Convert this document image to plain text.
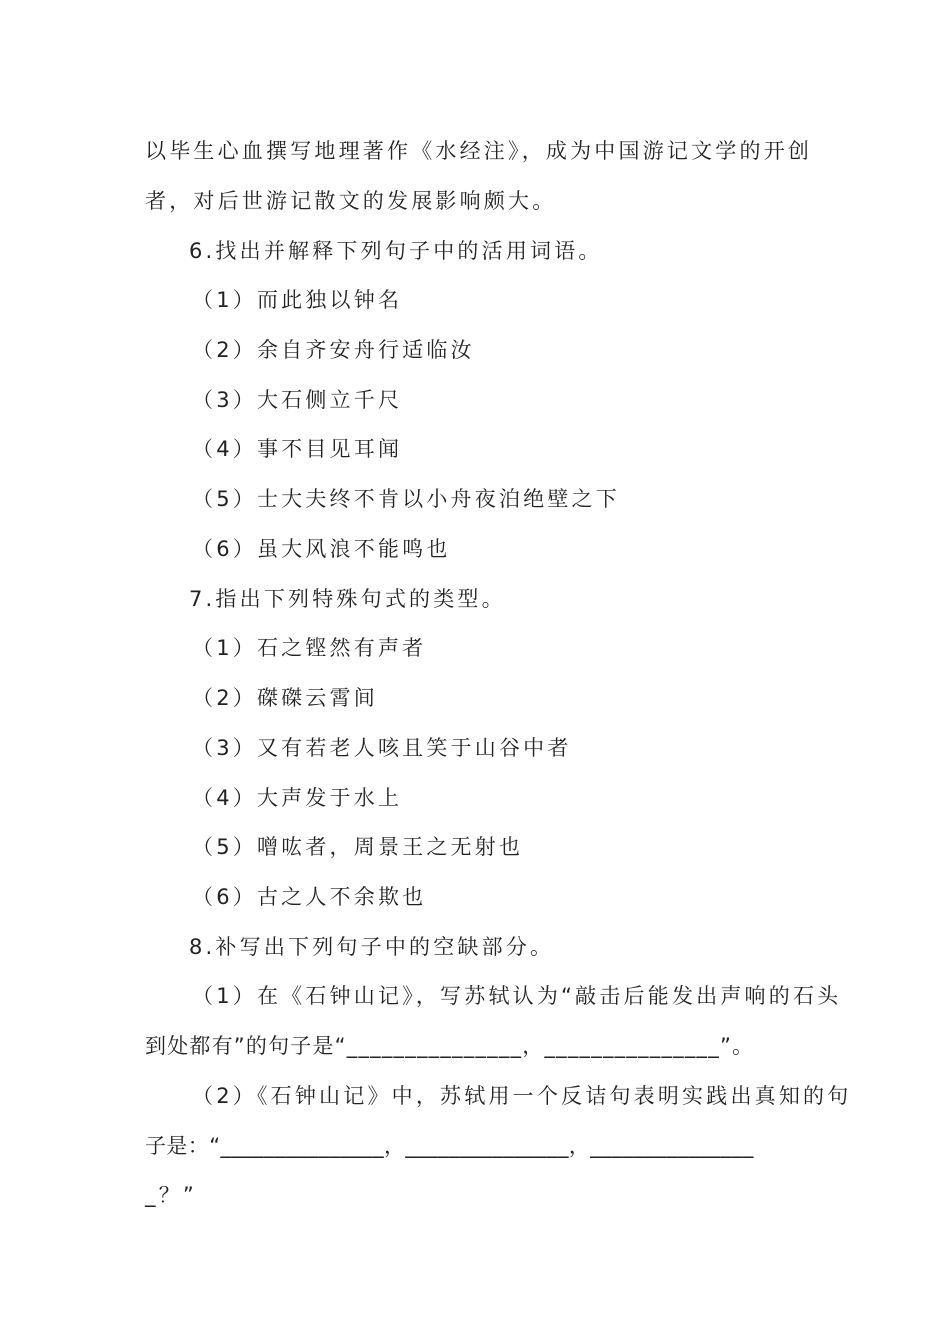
以毕生心血撰写地理著作《水经注》，成为中国游记文学的开创
者，对后世游记散文的发展影响颇大。
6.找出并解释下列句子中的活用词语。
（1）而此独以钟名
（2）余自齐安舟行适临汝
（3）大石侧立千尺
（4）事不目见耳闻
（5）士大夫终不肯以小舟夜泊绝壁之下
（6）虽大风浪不能鸣也
7.指出下列特殊句式的类型。
（1）石之铿然有声者
（2）磔磔云霄间
（3）又有若老人咳且笑于山谷中者
（4）大声发于水上
（5）噌吰者，周景王之无射也
（6）古之人不余欺也
8.补写出下列句子中的空缺部分。
（1）在《石钟山记》，写苏轼认为“敲击后能发出声响的石头
到处都有”的句子是“_______________，_______________”。
（2）《石钟山记》中，苏轼用一个反诘句表明实践出真知的句
子是：“_______________，_______________，_______________
_？”
